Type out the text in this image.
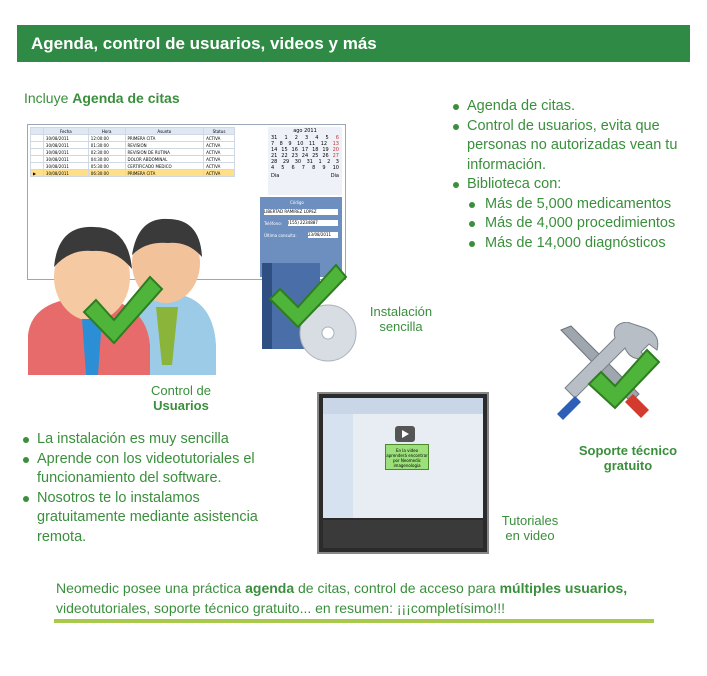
Agenda, control de usuarios, videos y más
Incluye Agenda de citas
	Fecha	Hora	Asunto	Status
	30/08/2011	12:00:00	PRIMERA CITA	ACTIVA
	30/08/2011	01:30:00	REVISION	ACTIVA
	30/08/2011	02:30:00	REVISION DE RUTINA	ACTIVA
	30/08/2011	04:30:00	DOLOR ABDOMINAL	ACTIVA
	30/08/2011	05:30:00	CERTIFICADO MEDICO	ACTIVA
▶	30/08/2011	06:30:00	PRIMERA CITA	ACTIVA
ago 2011
31 1 2 3 4 5 6
7 8 9 10 11 12 13
14 15 16 17 18 19 20
21 22 23 24 25 26 27
28 29 30 31 1 2 3
4 5 6 7 8 9 10
Dia	Dia
Código
LIBERTAD RAMIREZ LOPEZ
Teléfono: (155) 2234887
Última consulta:	23/08/2011
Instalación
sencilla
Control de
Usuarios
Agenda de citas.
Control de usuarios, evita que personas no autorizadas vean tu información.
Biblioteca con:
Más de 5,000 medicamentos
Más de 4,000 procedimientos
Más de 14,000 diagnósticos
Soporte técnico
gratuito
La instalación es muy sencilla
Aprende con los videotutoriales el funcionamiento del software.
Nosotros te lo instalamos gratuitamente mediante asistencia remota.
En la video aprenderá encontrar por Neomedic imagenologia
Tutoriales
en video
Neomedic posee una práctica agenda de citas, control de acceso para múltiples usuarios, videotutoriales, soporte técnico gratuito... en resumen: ¡¡¡completísimo!!!
